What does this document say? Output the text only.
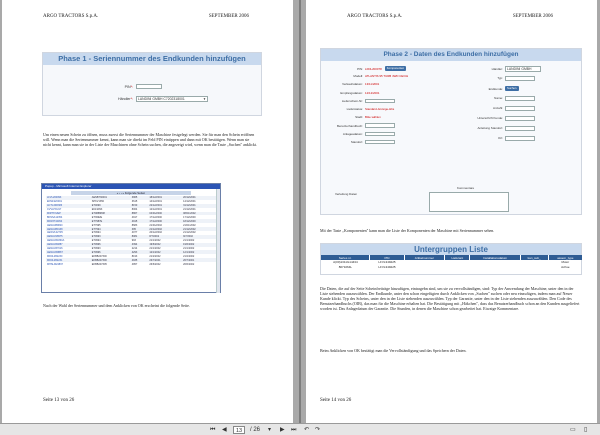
ARGO TRACTORS S.p.A.	SEPTEMBER 2006
Phase 1 - Seriennummer des Endkunden hinzufügen
PIN*:
Händler*: LANDINI GMBH C7202318001	▼
Um einen neuen Schein zu öffnen, muss zuerst die Seriennummer der Maschine festgelegt werden. Sie für man den Schein eröffnen will. Wenn man die Seriennummer kennt, kann man sie direkt im Feld PIN eintippen und dann mit OK bestätigen. Wenn man sie nicht kennt, kann man sie in der Liste der Maschinen ohne Schein suchen, die angezeigt wird, wenn man die Taste „Suchen" anklickt.
Popup - Microsoft Internet Explorer
« ‹ › » Folgende Seiten
LFVL200093	AENB730001	3965	18/12/2001	20/12/2001
EFML920001	SPKV1350	3615	14/12/2001	14/12/2001
ACTL34R383	ET0099	8150	22/12/2001	31/12/2001
CVVLH6U17	ENL9993	8064	12/12/2001	21/12/2001
MIRT6Y2EP	ET0888808	8867	04/01/2000	08/01/2002
BFNSA12354	ET3992E	4917	17/12/2000	17/12/2000
MFR3734454	ET7987E	4915	17/12/2000	18/12/2000
AENLM89820	ET7995	8683	21/01/2002	21/01/2002
AENLM89138	ET7994	395	21/12/2002	21/12/2002
AEWVL02705	ET0994	4077	20/12/2002	21/12/2002
AENLM18975	ET0993	8081	8/7/2002	9/7/2002
AENLM31860A	ET0994	993	21/1/2002	21/1/2002
AENLM34887	ET0996	4394	19/6/2002	19/6/2002
AENLM37016	ET0993	2214	21/1/2002	21/1/2002
AENLM39B87	ET0996	4293	12/1/2002	12/1/2002
MFDL2B2230	EKBB207300	8193	21/2/2002	21/2/2002
MFDL2B2231	EKBB207300	4935	26/7/2001	26/7/2001
MHSLM24897	EKBB207305	4957	26/6/2002	26/6/2002
Nach der Wahl der Seriennummer und dem Anklicken von OK erscheint die folgende Seite.
Seite 13 von 26
ARGO TRACTORS S.p.A.	SEPTEMBER 2006
Phase 2 - Daten des Endkunden hinzufügen
PIN: LFDL200078	Komponenten
Modell: ATLANTIS 95 TURB 4WD CE/CH
Verkaufsdatum: 13/11/2001
Empfangsdatum: 12/12/2001
Lieferschein-Nr:
Lieferstatus: Standard-Anzeige-Hbs
Stadt: Bitte wählen
Benutzerhandbuch:
Anlageadatum:
Standort:
Händler:	LANDINI GMBH
Typ:
Endkunde:	Suchen
Name:
Anzahl:
Unterschrift Kunde:
Anleitung Standort:
Ort:
Verteilung Daten
Kommentare
Mit der Taste „Komponenten" kann man die Liste der Komponenten der Maschine mit Seriennummer sehen.
Untergruppen Liste
Series nr.	PIN	Artikelnummer	Lieferant	Installationsdatum	kan_sub_	assem_type
A(00)1311G14434	LFVL349225					Motor
8071064L	LFVL349225					Achse
Die Daten, die auf der Seite Scheinfreiträge hinzufügen, eintragebn sind, um sie zu vervollständigen, sind: Typ der Anwendung der Maschine, unter den in der Liste stehenden auszuwählen. Der Endkunde, unter den schon eingefügten durch Anklicken von „Suchen" suchen oder neu einzufügen, indem man auf Neuer Kunde klickt. Typ des Scheins, unter den in der Liste stehenden auszuwählen. Typ der Garantie, unter den in der Liste stehenden auszuwählen. Den Code des Benutzerhandbuchs (OIB), das man für die Maschine erhalten hat. Die Bestätigung mit „Häkchen", dass das Benutzerhandbuch schon an den Kunden ausgeliefert worden ist. Das Anlagedatum der Garantie. Die Stunden, in denen die Maschine schon gearbeitet hat. Etwaige Kommentare.
Beim Anklicken von OK bestätigt man die Vervollständigung und das Speichern der Daten.
Seite 14 von 26
⏮ ◀	13	/ 26 ▾ ▶ ⏭ ↶ ↷	▭ ▯
